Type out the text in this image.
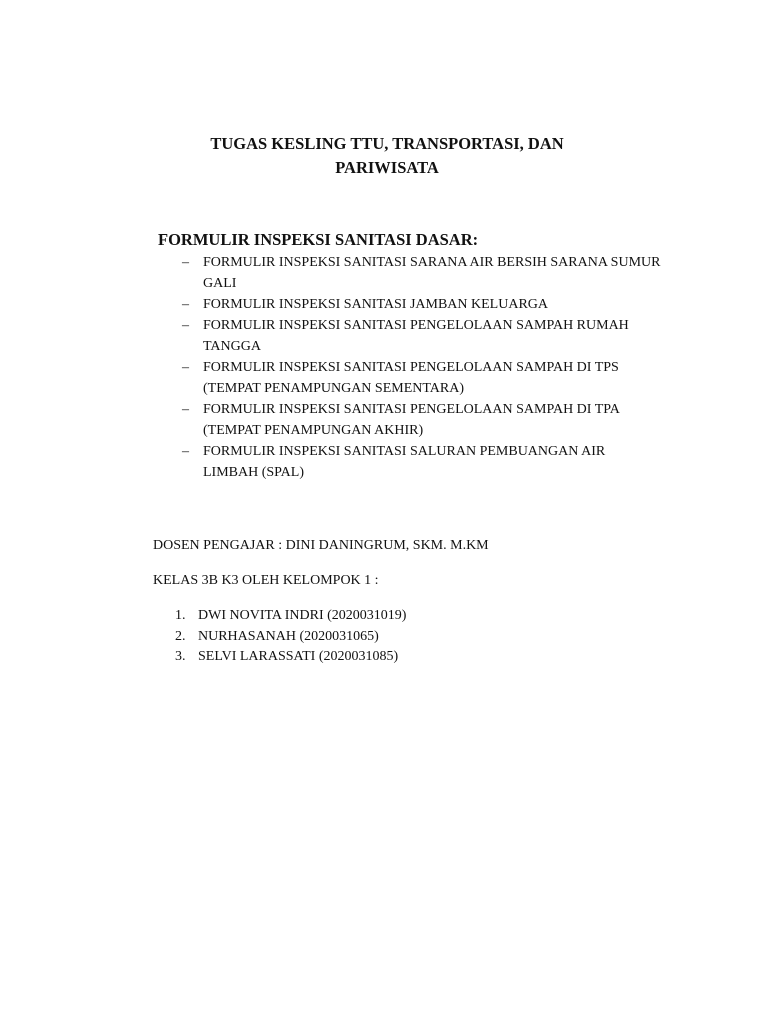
TUGAS KESLING TTU, TRANSPORTASI, DAN
PARIWISATA
FORMULIR INSPEKSI SANITASI DASAR:
– FORMULIR INSPEKSI SANITASI SARANA AIR BERSIH SARANA SUMUR GALI
– FORMULIR INSPEKSI SANITASI JAMBAN KELUARGA
– FORMULIR INSPEKSI SANITASI PENGELOLAAN SAMPAH RUMAH TANGGA
– FORMULIR INSPEKSI SANITASI PENGELOLAAN SAMPAH DI TPS (TEMPAT PENAMPUNGAN SEMENTARA)
– FORMULIR INSPEKSI SANITASI PENGELOLAAN SAMPAH DI TPA (TEMPAT PENAMPUNGAN AKHIR)
– FORMULIR INSPEKSI SANITASI SALURAN PEMBUANGAN AIR LIMBAH (SPAL)
DOSEN PENGAJAR : DINI DANINGRUM, SKM. M.KM
KELAS 3B K3 OLEH KELOMPOK 1 :
1. DWI NOVITA INDRI (2020031019)
2. NURHASANAH (2020031065)
3. SELVI LARASSATI (2020031085)
